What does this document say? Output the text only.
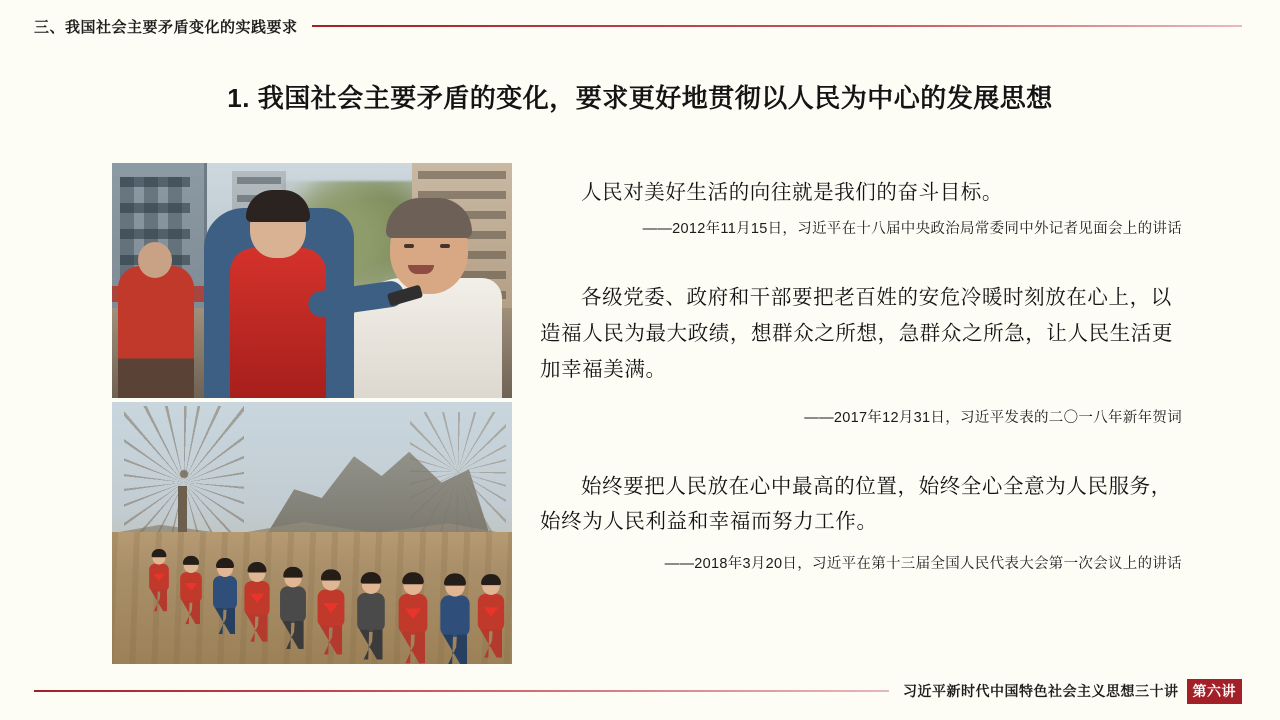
三、我国社会主要矛盾变化的实践要求
1. 我国社会主要矛盾的变化，要求更好地贯彻以人民为中心的发展思想
人民对美好生活的向往就是我们的奋斗目标。
——2012年11月15日，习近平在十八届中央政治局常委同中外记者见面会上的讲话
各级党委、政府和干部要把老百姓的安危冷暖时刻放在心上，以造福人民为最大政绩，想群众之所想，急群众之所急，让人民生活更加幸福美满。
——2017年12月31日，习近平发表的二〇一八年新年贺词
始终要把人民放在心中最高的位置，始终全心全意为人民服务，始终为人民利益和幸福而努力工作。
——2018年3月20日，习近平在第十三届全国人民代表大会第一次会议上的讲话
习近平新时代中国特色社会主义思想三十讲	第六讲
